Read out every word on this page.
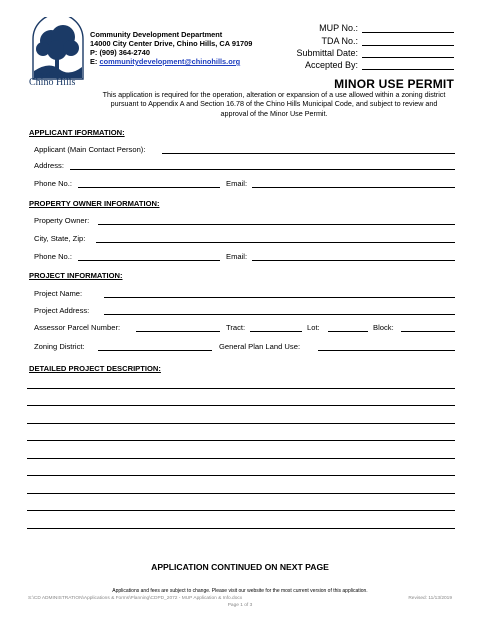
City of
Chino Hills
Community Development Department
14000 City Center Drive, Chino Hills, CA 91709
P: (909) 364-2740
E: communitydevelopment@chinohills.org
MUP No.:
TDA No.:
Submittal Date:
Accepted By:
MINOR USE PERMIT
This application is required for the operation, alteration or expansion of a use allowed within a zoning district pursuant to Appendix A and Section 16.78 of the Chino Hills Municipal Code, and subject to review and approval of the Minor Use Permit.
APPLICANT IFORMATION:
Applicant (Main Contact Person):
Address:
Phone No.:	Email:
PROPERTY OWNER INFORMATION:
Property Owner:
City, State, Zip:
Phone No.:	Email:
PROJECT INFORMATION:
Project Name:
Project Address:
Assessor Parcel Number:	Tract:	Lot:	Block:
Zoning District:	General Plan Land Use:
DETAILED PROJECT DESCRIPTION:
APPLICATION CONTINUED ON NEXT PAGE
Applications and fees are subject to change. Please visit our website for the most current version of this application.
S:\CD ADMINISTRATION\Applications & Forms\Planning\CDPD_2072 - MUP Application & Info.docx	Revised: 11/13/2019
Page 1 of 3
